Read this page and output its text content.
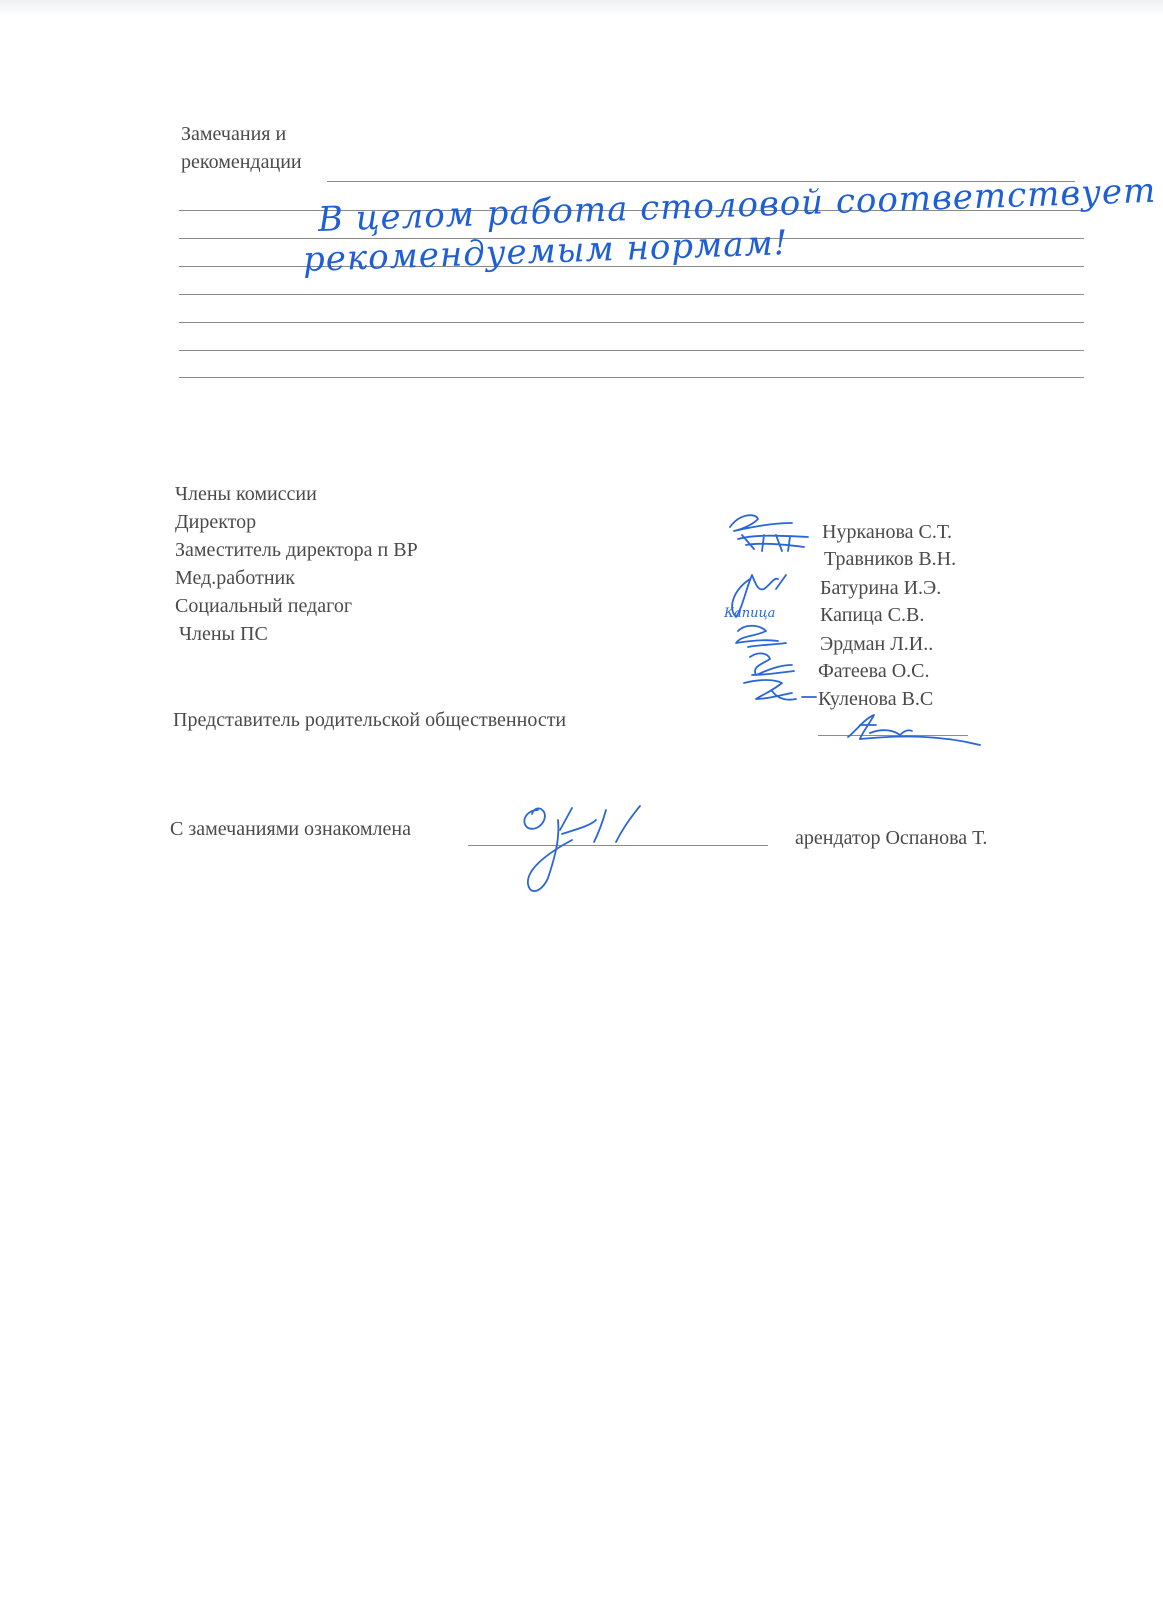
Замечания и
рекомендации
В целом работа столовой соответствует
рекомендуемым нормам!
Члены комиссии
Директор
Заместитель директора п ВР
Мед.работник
Социальный педагог
Члены ПС
Нурканова С.Т.
Травников В.Н.
Батурина И.Э.
Капица С.В.
Эрдман Л.И..
Фатеева О.С.
Куленова В.С
Капица
Представитель родительской общественности
С замечаниями ознакомлена	арендатор Оспанова Т.
